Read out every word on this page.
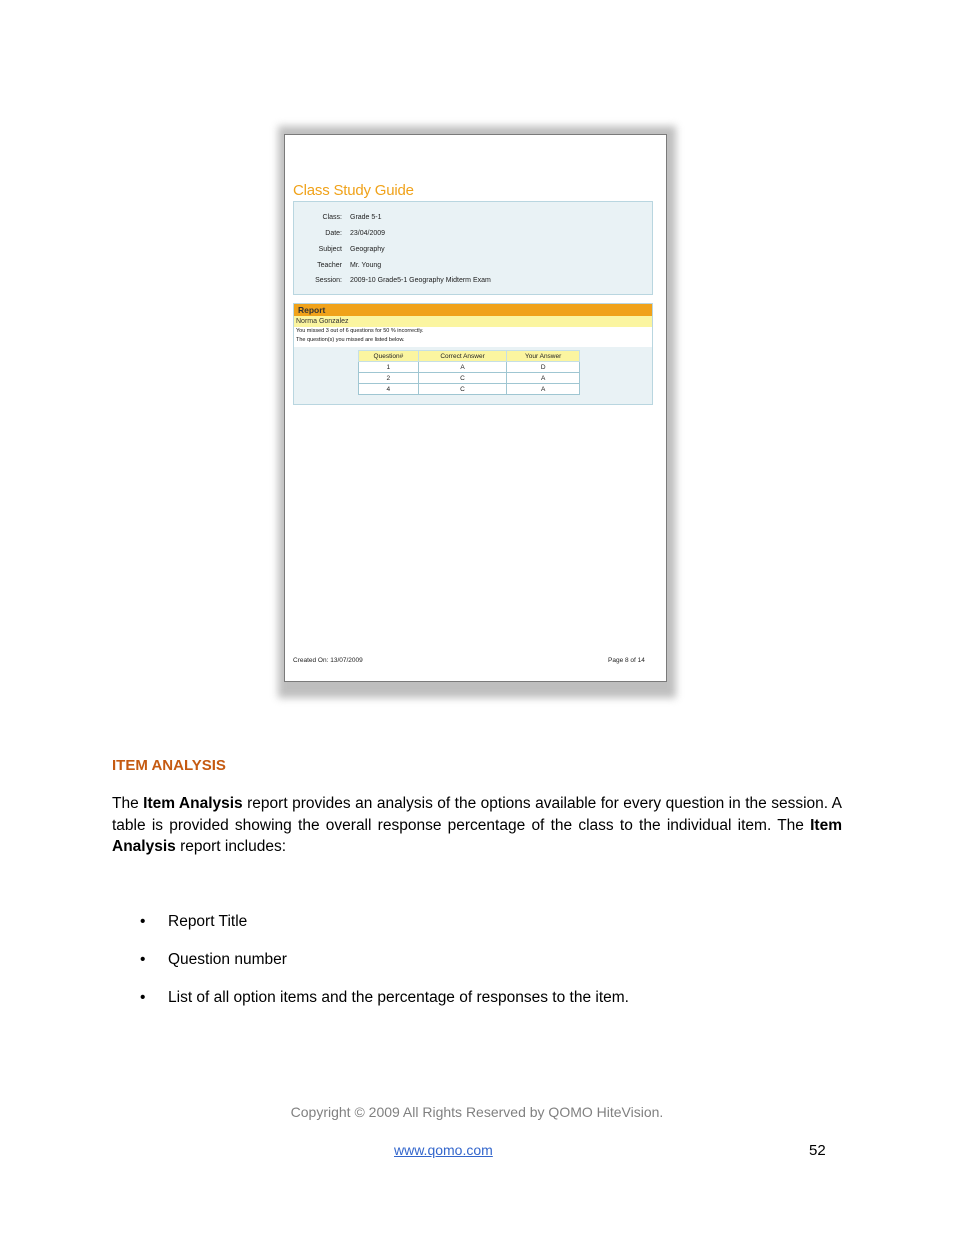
Class Study Guide
Class: Grade 5-1
Date: 23/04/2009
Subject Geography
Teacher Mr. Young
Session: 2009-10 Grade5-1 Geography Midterm Exam
Report
Norma Gonzalez
You missed 3 out of 6 questions for 50 % incorrectly.
The question(s) you missed are listed below.
Question#	Correct Answer	Your Answer
1	A	D
2	C	A
4	C	A
Created On: 13/07/2009	Page 8 of 14
ITEM ANALYSIS
The Item Analysis report provides an analysis of the options available for every question in the session. A table is provided showing the overall response percentage of the class to the individual item. The Item Analysis report includes:
• Report Title
• Question number
• List of all option items and the percentage of responses to the item.
Copyright © 2009 All Rights Reserved by QOMO HiteVision.
www.qomo.com	52
